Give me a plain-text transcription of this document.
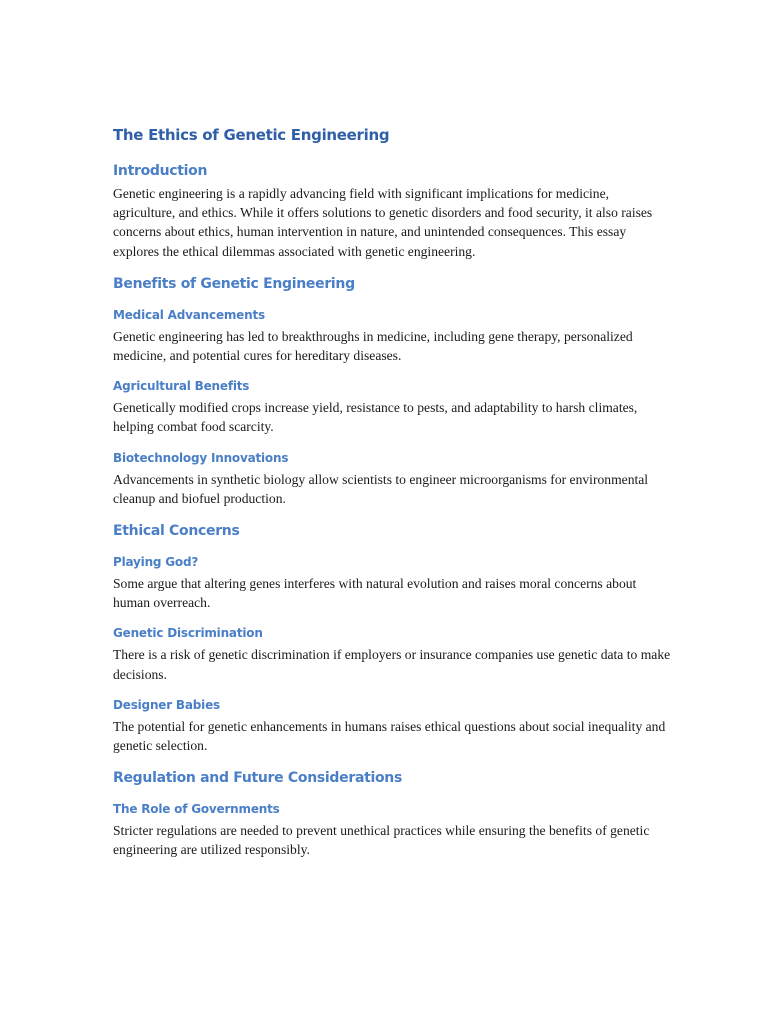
The Ethics of Genetic Engineering
Introduction

Genetic engineering is a rapidly advancing field with significant implications for medicine, agriculture, and ethics. While it offers solutions to genetic disorders and food security, it also raises concerns about ethics, human intervention in nature, and unintended consequences. This essay explores the ethical dilemmas associated with genetic engineering.

Benefits of Genetic Engineering
Medical Advancements

Genetic engineering has led to breakthroughs in medicine, including gene therapy, personalized medicine, and potential cures for hereditary diseases.

Agricultural Benefits

Genetically modified crops increase yield, resistance to pests, and adaptability to harsh climates, helping combat food scarcity.

Biotechnology Innovations

Advancements in synthetic biology allow scientists to engineer microorganisms for environmental cleanup and biofuel production.

Ethical Concerns
Playing God?

Some argue that altering genes interferes with natural evolution and raises moral concerns about human overreach.

Genetic Discrimination

There is a risk of genetic discrimination if employers or insurance companies use genetic data to make decisions.

Designer Babies

The potential for genetic enhancements in humans raises ethical questions about social inequality and genetic selection.

Regulation and Future Considerations
The Role of Governments

Stricter regulations are needed to prevent unethical practices while ensuring the benefits of genetic engineering are utilized responsibly.
